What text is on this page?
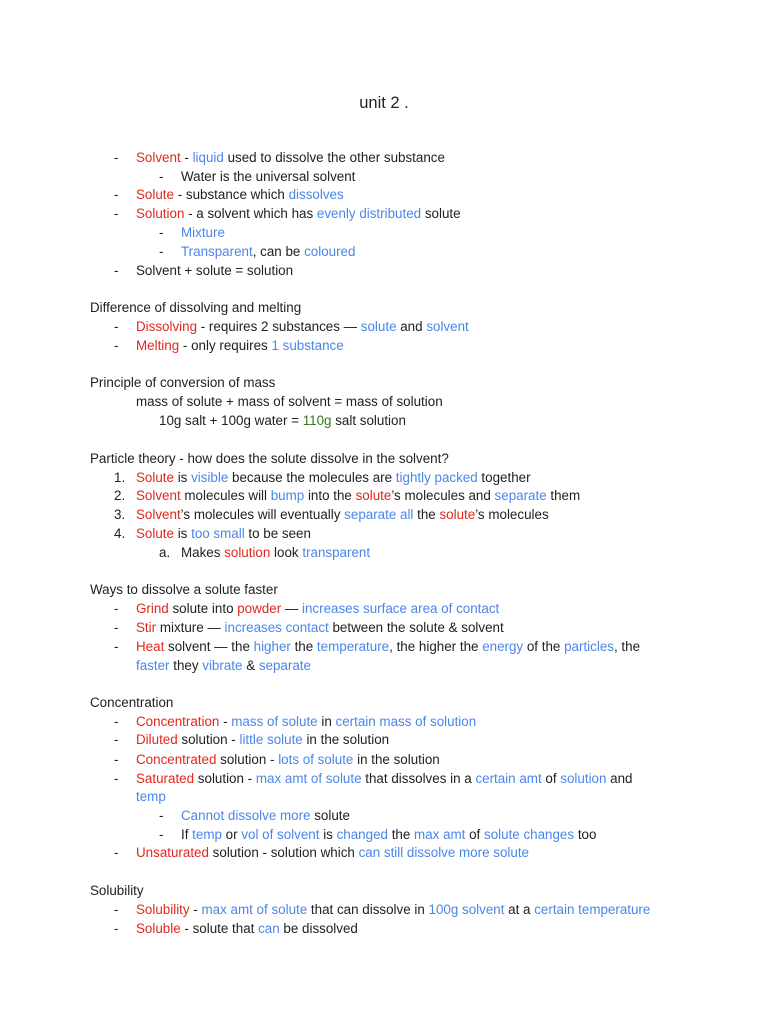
unit 2 .
- Solvent - liquid used to dissolve the other substance
- Water is the universal solvent
- Solute - substance which dissolves
- Solution - a solvent which has evenly distributed solute
- Mixture
- Transparent, can be coloured
- Solvent + solute = solution
Difference of dissolving and melting
- Dissolving - requires 2 substances — solute and solvent
- Melting - only requires 1 substance
Principle of conversion of mass
mass of solute + mass of solvent = mass of solution
10g salt + 100g water = 110g salt solution
Particle theory - how does the solute dissolve in the solvent?
1. Solute is visible because the molecules are tightly packed together
2. Solvent molecules will bump into the solute’s molecules and separate them
3. Solvent’s molecules will eventually separate all the solute’s molecules
4. Solute is too small to be seen
a. Makes solution look transparent
Ways to dissolve a solute faster
- Grind solute into powder — increases surface area of contact
- Stir mixture — increases contact between the solute & solvent
- Heat solvent — the higher the temperature, the higher the energy of the particles, the
faster they vibrate & separate
Concentration
- Concentration - mass of solute in certain mass of solution
- Diluted solution - little solute in the solution
- Concentrated solution - lots of solute in the solution
- Saturated solution - max amt of solute that dissolves in a certain amt of solution and
temp
- Cannot dissolve more solute
- If temp or vol of solvent is changed the max amt of solute changes too
- Unsaturated solution - solution which can still dissolve more solute
Solubility
- Solubility - max amt of solute that can dissolve in 100g solvent at a certain temperature
- Soluble - solute that can be dissolved
